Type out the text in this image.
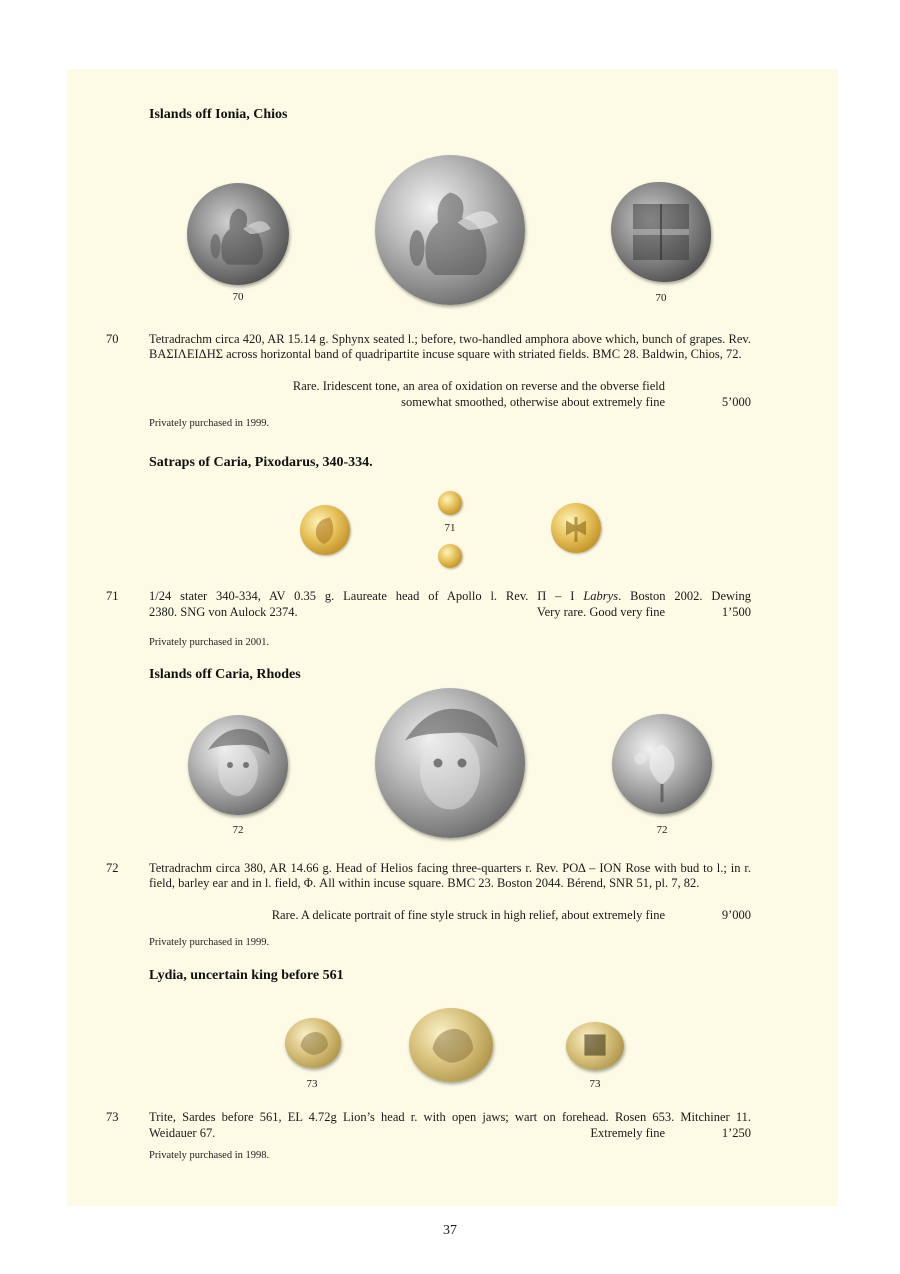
Islands off Ionia, Chios
70	70
70 Tetradrachm circa 420, AR 15.14 g. Sphynx seated l.; before, two-handled amphora above which, bunch of grapes. Rev. ΒΑΣΙΛΕΙΔΗΣ across horizontal band of quadripartite incuse square with striated fields. BMC 28. Baldwin, Chios, 72.
Rare. Iridescent tone, an area of oxidation on reverse and the obverse field
somewhat smoothed, otherwise about extremely fine	5’000
Privately purchased in 1999.
Satraps of Caria, Pixodarus, 340-334.
71
71 1/24 stater 340-334, AV 0.35 g. Laureate head of Apollo l. Rev. Π – Ι Labrys. Boston 2002. Dewing
2380. SNG von Aulock 2374.	Very rare. Good very fine	1’500
Privately purchased in 2001.
Islands off Caria, Rhodes
72	72
72 Tetradrachm circa 380, AR 14.66 g. Head of Helios facing three-quarters r. Rev. ΡΟΔ – ΙΟΝ Rose with bud to l.; in r. field, barley ear and in l. field, Φ. All within incuse square. BMC 23. Boston 2044. Bérend, SNR 51, pl. 7, 82.
Rare. A delicate portrait of fine style struck in high relief, about extremely fine	9’000
Privately purchased in 1999.
Lydia, uncertain king before 561
73	73
73 Trite, Sardes before 561, EL 4.72g Lion’s head r. with open jaws; wart on forehead. Rosen 653. Mitchiner 11.
Weidauer 67.	Extremely fine	1’250
Privately purchased in 1998.
37
